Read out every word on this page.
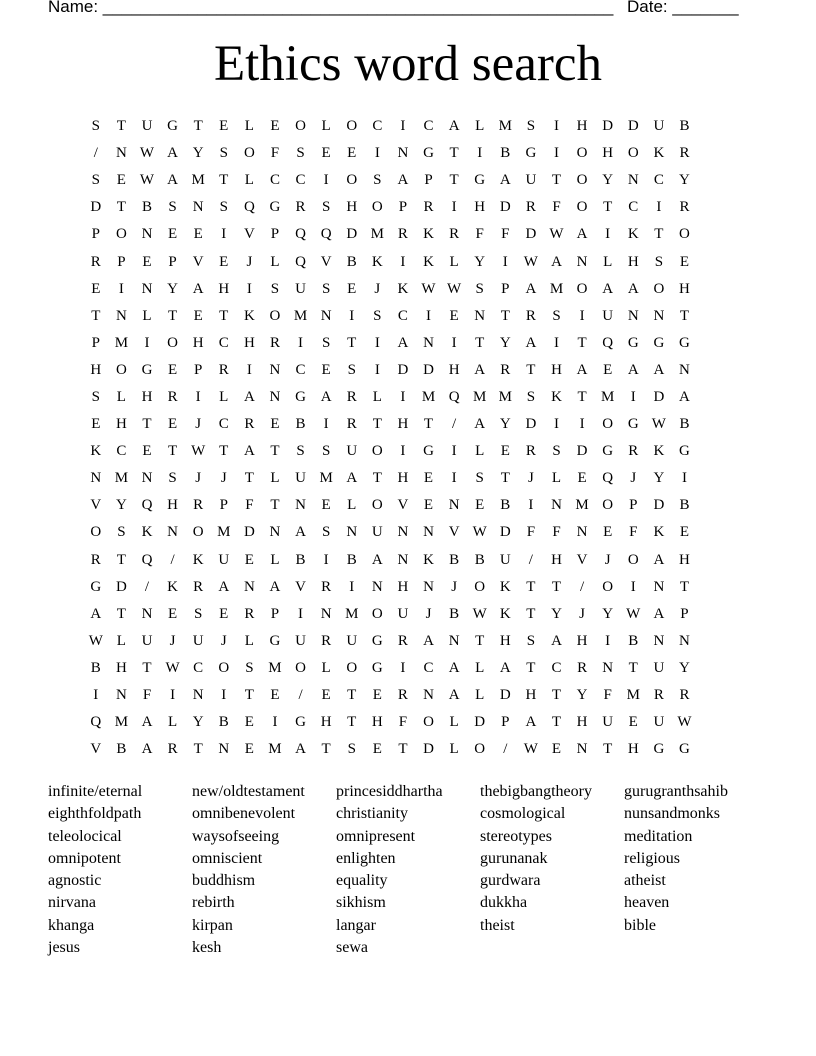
Name: ______________________________________________________ Date: _______
Ethics word search
S	T	U G	T	E	L	E	O	L	O	C	I	C	A	L M S	I	H D D U	B
/	N W A Y	S	O	F	S	E	E	I	N G	T	I	B	G	I	O H O K	R
S	E W A M T	L	C	C	I	O	S	A	P	T	G A U	T	O Y N	C	Y
D	T	B	S	N	S	Q G	R	S	H O	P	R	I	H D	R	F	O	T	C	I	R
P	O N	E	E	I	V	P	Q Q D M R	K	R	F	F	D W A	I	K	T	O
R	P	E	P	V	E	J	L	Q V	B	K	I	K	L	Y	I	W A N	L	H	S	E
E	I	N Y A H	I	S	U	S	E	J	K W W S	P	A M O A A O H
T	N	L	T	E	T	K O M N	I	S	C	I	E	N	T	R	S	I	U N N	T
P M	I	O H	C	H	R	I	S	T	I	A N	I	T	Y A	I	T	Q G G G
H O G	E	P	R	I	N	C	E	S	I	D D H A	R	T	H A	E	A A N
S	L	H	R	I	L	A N G A	R	L	I	M Q M M S	K	T M	I	D A
E	H	T	E	J	C	R	E	B	I	R	T	H	T	/	A Y D	I	I	O G W B
K	C	E	T W T	A	T	S	S	U O	I	G	I	L	E	R	S	D G	R	K G
N M N	S	J	J	T	L	U M A	T	H	E	I	S	T	J	L	E	Q	J	Y	I
V Y Q H	R	P	F	T	N	E	L	O V	E	N	E	B	I	N M O	P	D	B
O	S	K N O M D N A	S	N U N N V W D	F	F	N	E	F	K	E
R	T	Q	/	K U	E	L	B	I	B	A N K	B	B	U	/	H V	J	O A H
G D	/	K	R	A N A V	R	I	N H N	J	O K	T	T	/	O	I	N	T
A	T	N	E	S	E	R	P	I	N M O U	J	B W K	T	Y	J	Y W A	P
W L	U	J	U	J	L	G U	R	U G	R	A N	T	H	S	A H	I	B	N N
B	H	T W C	O	S M O	L	O G	I	C	A	L	A	T	C	R	N	T	U Y
I	N	F	I	N	I	T	E	/	E	T	E	R	N A	L	D H	T	Y	F M R	R
Q M A	L	Y	B	E	I	G H	T	H	F	O	L	D	P	A	T	H U	E	U W
V	B	A	R	T	N	E M A	T	S	E	T	D	L	O	/	W E	N	T	H G G
infinite/eternal
eighthfoldpath
teleolocical
omnipotent
agnostic
nirvana
khanga
jesus
new/oldtestament
omnibenevolent
waysofseeing
omniscient
buddhism
rebirth
kirpan
kesh
princesiddhartha
christianity
omnipresent
enlighten
equality
sikhism
langar
sewa
thebigbangtheory
cosmological
stereotypes
gurunanak
gurdwara
dukkha
theist
gurugranthsahib
nunsandmonks
meditation
religious
atheist
heaven
bible
